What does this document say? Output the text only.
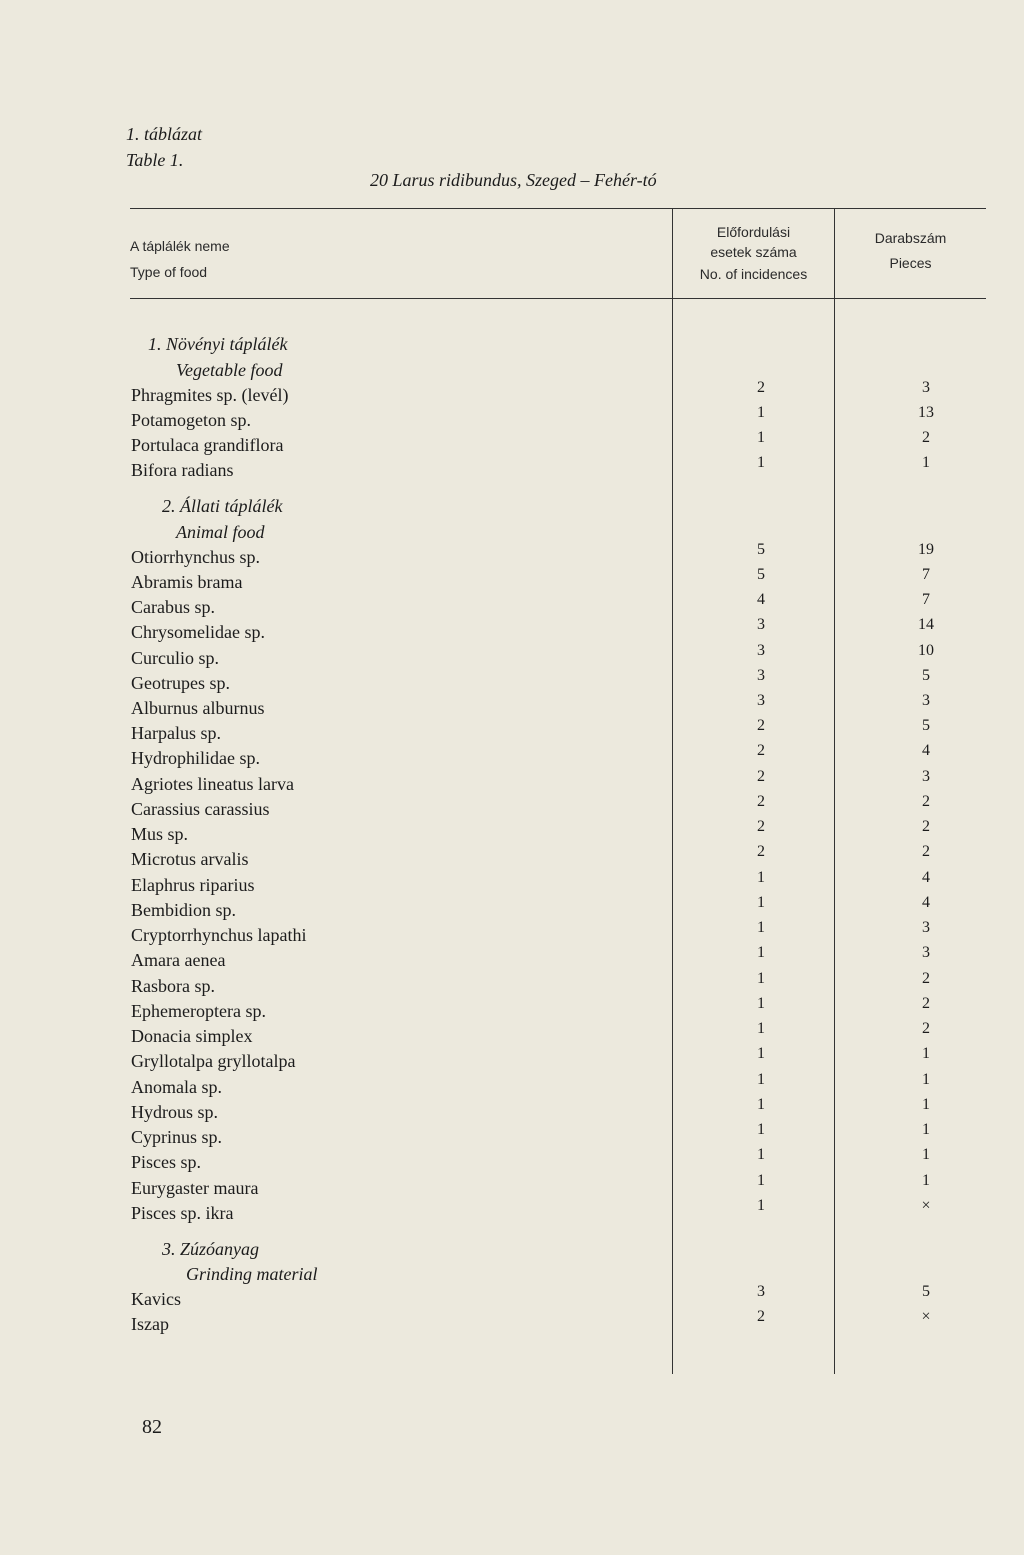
1. táblázat
Table 1.
20 Larus ridibundus, Szeged – Fehér-tó
A táplálék neme
Type of food
Előfordulási
esetek száma
No. of incidences
Darabszám
Pieces
1. Növényi táplálék
Vegetable food
Phragmites sp. (levél)
Potamogeton sp.
Portulaca grandiflora
Bifora radians
2
1
1
1
3
13
2
1
2. Állati táplálék
Animal food
Otiorrhynchus sp.
Abramis brama
Carabus sp.
Chrysomelidae sp.
Curculio sp.
Geotrupes sp.
Alburnus alburnus
Harpalus sp.
Hydrophilidae sp.
Agriotes lineatus larva
Carassius carassius
Mus sp.
Microtus arvalis
Elaphrus riparius
Bembidion sp.
Cryptorrhynchus lapathi
Amara aenea
Rasbora sp.
Ephemeroptera sp.
Donacia simplex
Gryllotalpa gryllotalpa
Anomala sp.
Hydrous sp.
Cyprinus sp.
Pisces sp.
Eurygaster maura
Pisces sp. ikra
5
5
4
3
3
3
3
2
2
2
2
2
2
1
1
1
1
1
1
1
1
1
1
1
1
1
1
19
7
7
14
10
5
3
5
4
3
2
2
2
4
4
3
3
2
2
2
1
1
1
1
1
1
×
3. Zúzóanyag
Grinding material
Kavics
Iszap
3
2
5
×
82
